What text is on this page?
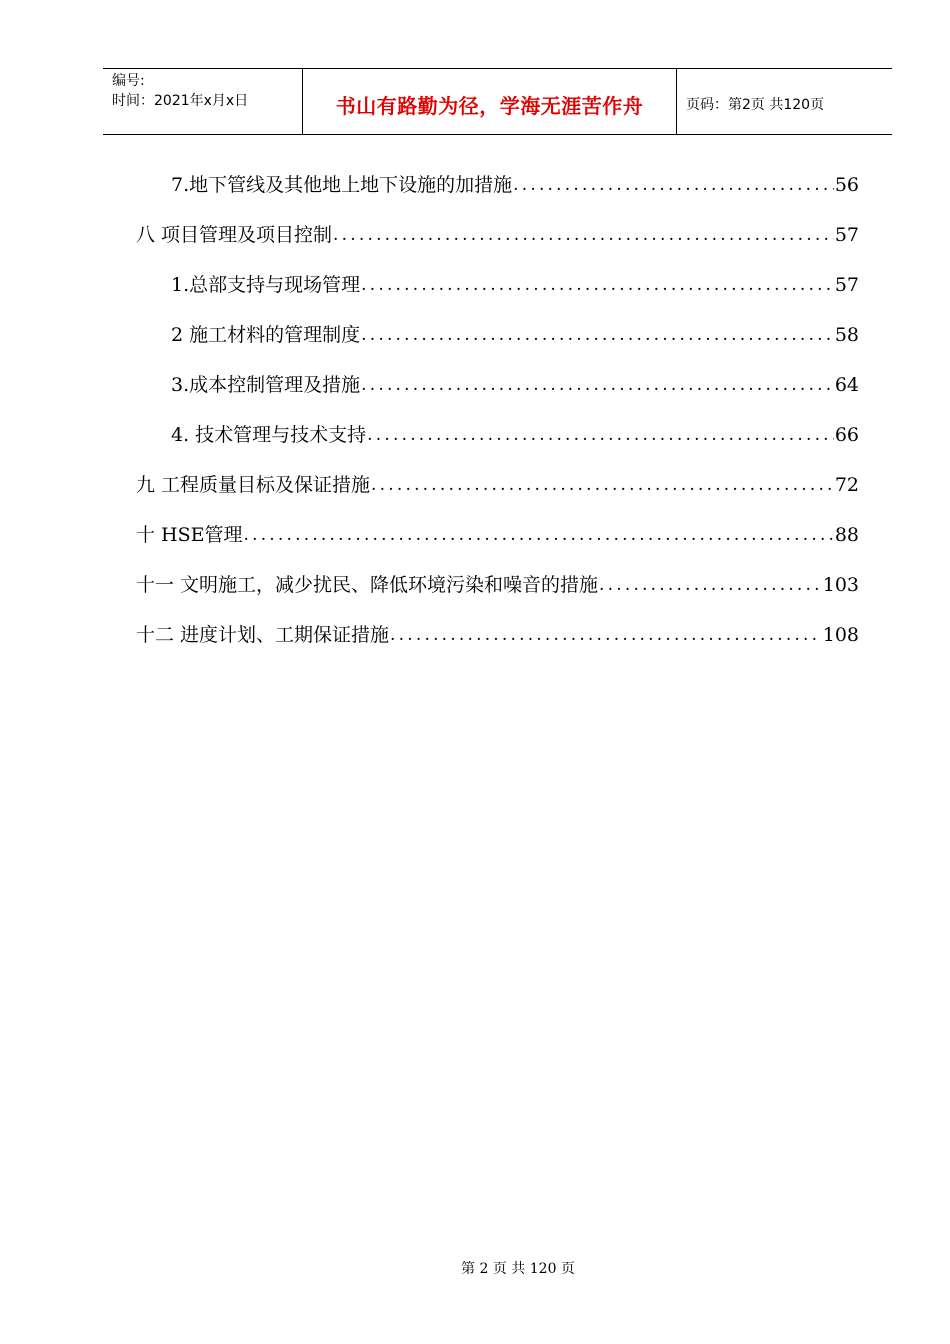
编号:
时间：2021年x月x日	书山有路勤为径，学海无涯苦作舟	页码：第2页 共120页
7.地下管线及其他地上地下设施的加措施 .....	56
八 项目管理及项目控制 .....	57
1.总部支持与现场管理 .....	57
2 施工材料的管理制度 .....	58
3.成本控制管理及措施 .....	64
4. 技术管理与技术支持 .....	66
九 工程质量目标及保证措施 .....	72
十 HSE管理 .....	88
十一 文明施工，减少扰民、降低环境污染和噪音的措施 .....	103
十二 进度计划、工期保证措施 .....	108
第 2 页 共 120 页
